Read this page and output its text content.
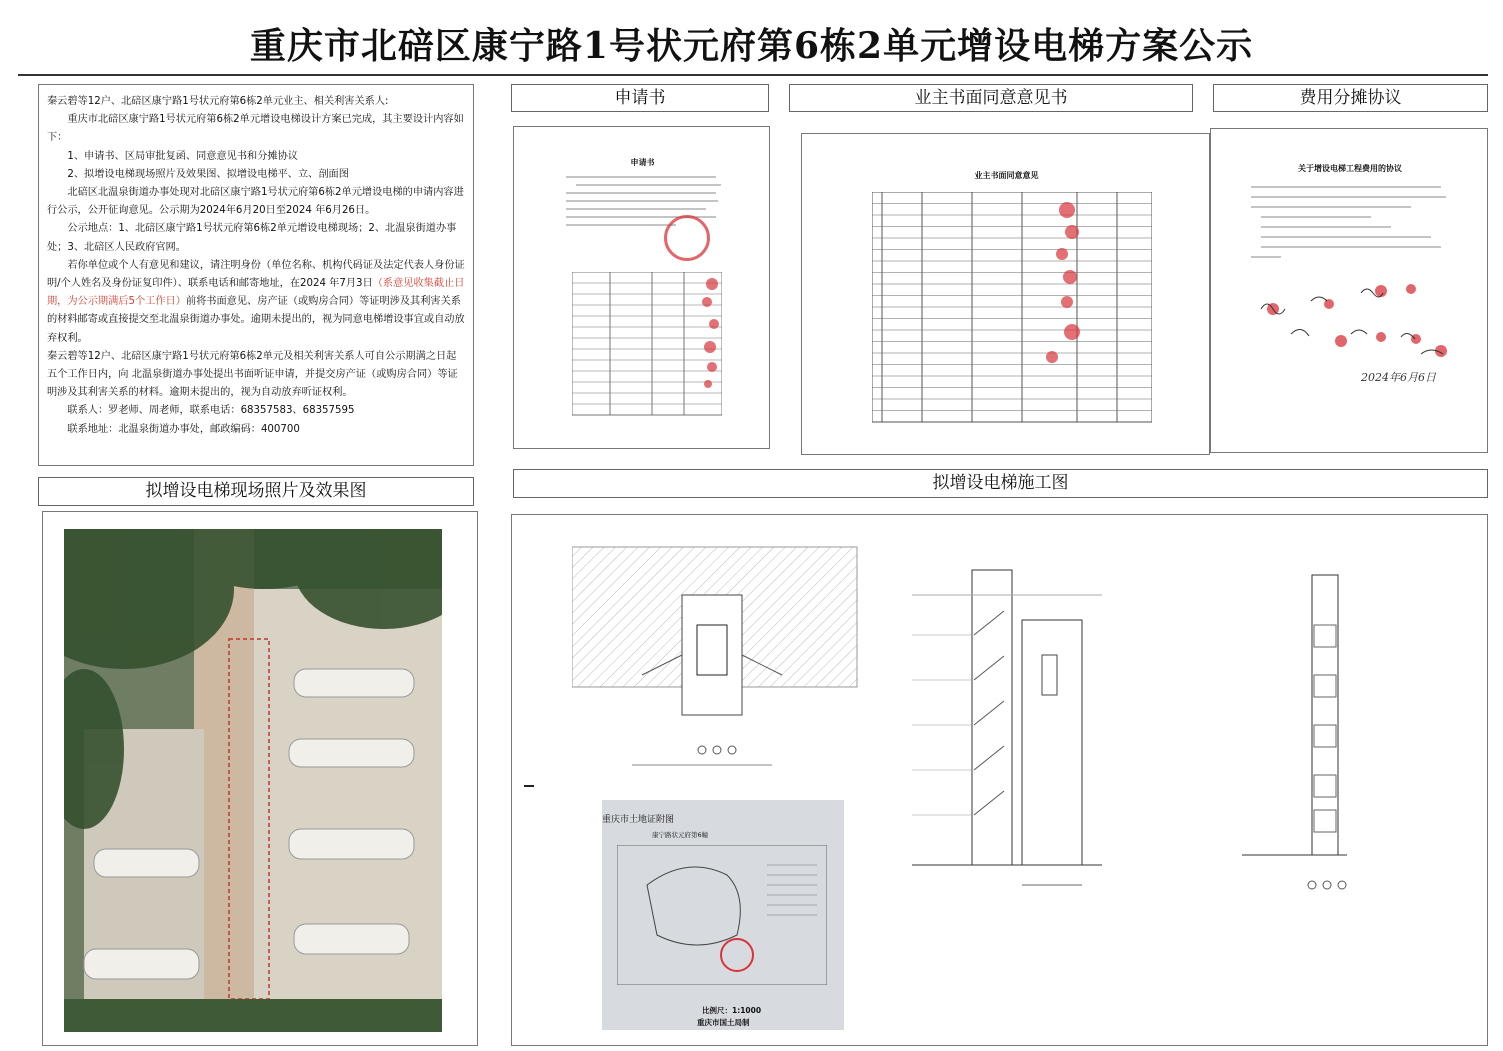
重庆市北碚区康宁路1号状元府第6栋2单元增设电梯方案公示

秦云碧等12户、北碚区康宁路1号状元府第6栋2单元业主、相关利害关系人:

重庆市北碚区康宁路1号状元府第6栋2单元增设电梯设计方案已完成，其主要设计内容如下：

1、申请书、区局审批复函、同意意见书和分摊协议

2、拟增设电梯现场照片及效果图、拟增设电梯平、立、剖面图

北碚区北温泉街道办事处现对北碚区康宁路1号状元府第6栋2单元增设电梯的申请内容进行公示，公开征询意见。公示期为2024年6月20日至2024 年6月26日。

公示地点：1、北碚区康宁路1号状元府第6栋2单元增设电梯现场；2、北温泉街道办事处；3、北碚区人民政府官网。

若你单位或个人有意见和建议，请注明身份（单位名称、机构代码证及法定代表人身份证明/个人姓名及身份证复印件）、联系电话和邮寄地址，在2024 年7月3日（系意见收集截止日期，为公示期满后5个工作日）前将书面意见、房产证（或购房合同）等证明涉及其利害关系的材料邮寄或直接提交至北温泉街道办事处。逾期未提出的，视为同意电梯增设事宜或自动放弃权利。

秦云碧等12户、北碚区康宁路1号状元府第6栋2单元及相关利害关系人可自公示期满之日起五个工作日内，向 北温泉街道办事处提出书面听证申请，并提交房产证（或购房合同）等证明涉及其利害关系的材料。逾期未提出的，视为自动放弃听证权利。

联系人：罗老师、周老师，联系电话：68357583、68357595

联系地址：北温泉街道办事处，邮政编码：400700

申请书	业主书面同意意见书	费用分摊协议
拟增设电梯现场照片及效果图	拟增设电梯施工图
申请书
业主书面同意意见
关于增设电梯工程费用的协议
2024年6月6日
重庆市土地证附图
康宁路状元府第6幢
比例尺：1:1000
重庆市国土局制
